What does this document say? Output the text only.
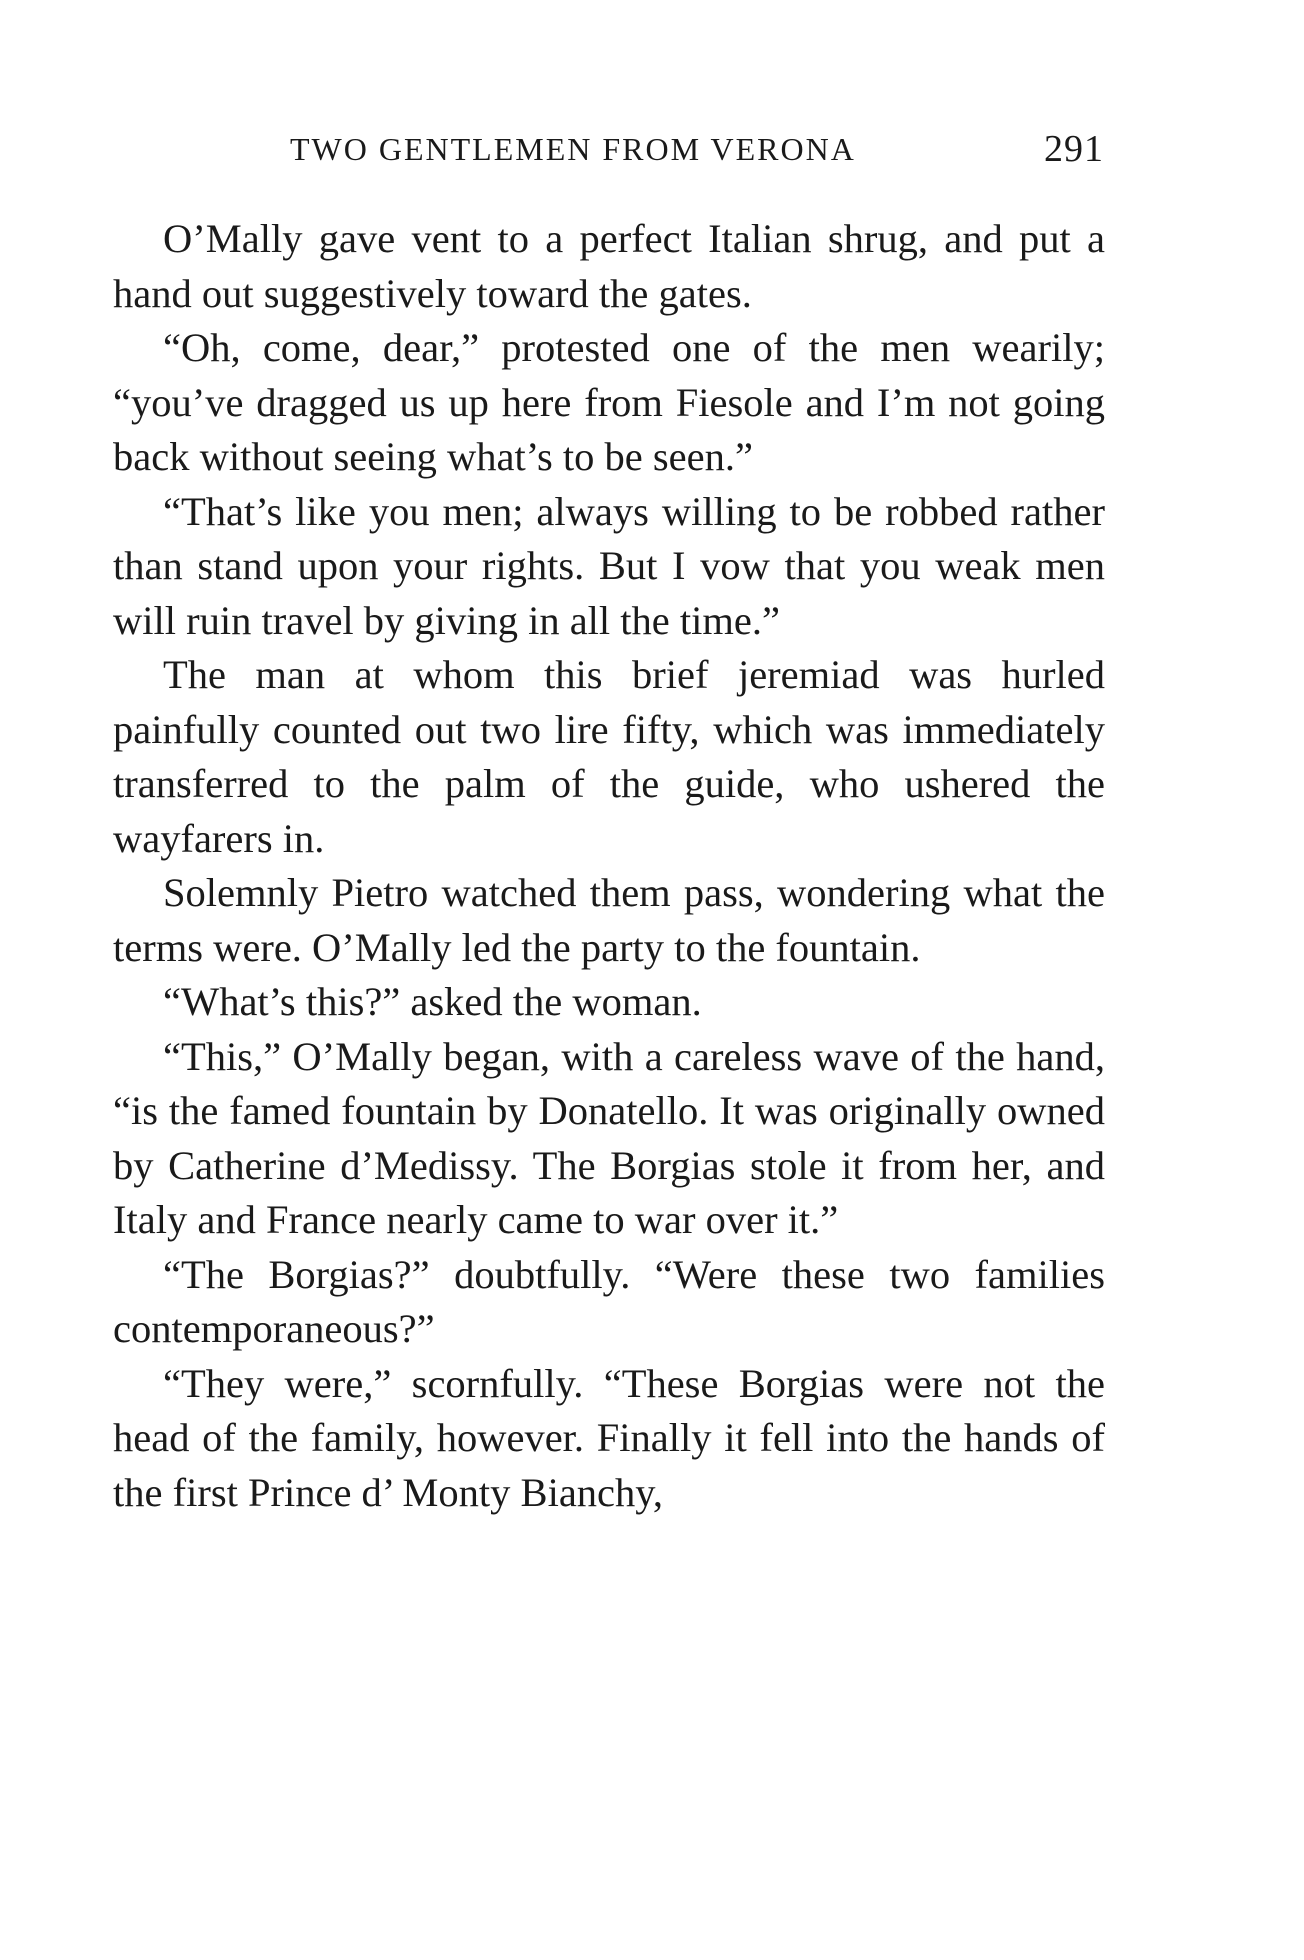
TWO GENTLEMEN FROM VERONA	291

O’Mally gave vent to a perfect Italian shrug, and put a hand out suggestively toward the gates.

“Oh, come, dear,” protested one of the men wearily; “you’ve dragged us up here from Fiesole and I’m not going back without seeing what’s to be seen.”

“That’s like you men; always willing to be robbed rather than stand upon your rights. But I vow that you weak men will ruin travel by giving in all the time.”

The man at whom this brief jeremiad was hurled painfully counted out two lire fifty, which was immediately transferred to the palm of the guide, who ushered the wayfarers in.

Solemnly Pietro watched them pass, wondering what the terms were. O’Mally led the party to the fountain.

“What’s this?” asked the woman.

“This,” O’Mally began, with a careless wave of the hand, “is the famed fountain by Donatello. It was originally owned by Catherine d’Medissy. The Borgias stole it from her, and Italy and France nearly came to war over it.”

“The Borgias?” doubtfully. “Were these two families contemporaneous?”

“They were,” scornfully. “These Borgias were not the head of the family, however. Finally it fell into the hands of the first Prince d’ Monty Bianchy,
